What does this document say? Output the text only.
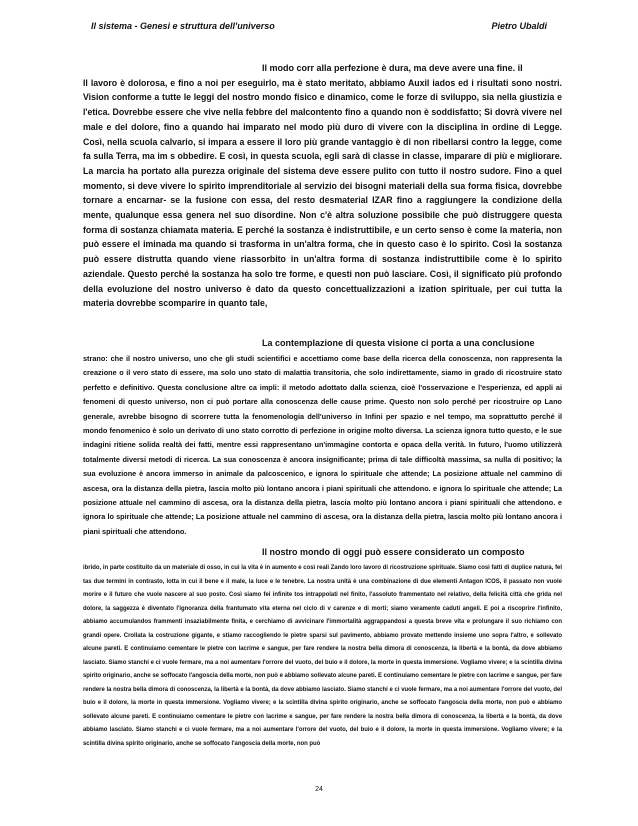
Il sistema - Genesi e struttura dell'universo	Pietro Ubaldi
Il modo corr alla perfezione è dura, ma deve avere una fine. il

Il lavoro è dolorosa, e fino a noi per eseguirlo, ma è stato meritato, abbiamo Auxil iados ed i risultati sono nostri. Vision conforme a tutte le leggi del nostro mondo fisico e dinamico, come le forze di sviluppo, sia nella giustizia e l'etica. Dovrebbe essere che vive nella febbre del malcontento fino a quando non è soddisfatto; Si dovrà vivere nel male e del dolore, fino a quando hai imparato nel modo più duro di vivere con la disciplina in ordine di Legge. Così, nella scuola calvario, si impara a essere il loro più grande vantaggio è di non ribellarsi contro la legge, come fa sulla Terra, ma im s obbedire. E così, in questa scuola, egli sarà di classe in classe, imparare di più e migliorare. La marcia ha portato alla purezza originale del sistema deve essere pulito con tutto il nostro sudore. Fino a quel momento, si deve vivere lo spirito imprenditoriale al servizio dei bisogni materiali della sua forma fisica, dovrebbe tornare a encarnar- se la fusione con essa, del resto desmaterial IZAR fino a raggiungere la condizione della mente, qualunque essa genera nel suo disordine. Non c'è altra soluzione possibile che può distruggere questa forma di sostanza chiamata materia. E perché la sostanza è indistruttibile, e un certo senso è come la materia, non può essere el iminada ma quando si trasforma in un'altra forma, che in questo caso è lo spirito. Così la sostanza può essere distrutta quando viene riassorbito in un'altra forma di sostanza indistruttibile come è lo spirito aziendale. Questo perché la sostanza ha solo tre forme, e questi non può lasciare. Così, il significato più profondo della evoluzione del nostro universo è dato da questo concettualizzazioni a ization spirituale, per cui tutta la materia dovrebbe scomparire in quanto tale,

La contemplazione di questa visione ci porta a una conclusione

strano: che il nostro universo, uno che gli studi scientifici e accettiamo come base della ricerca della conoscenza, non rappresenta la creazione o il vero stato di essere, ma solo uno stato di malattia transitoria, che solo indirettamente, siamo in grado di ricostruire stato perfetto e definitivo. Questa conclusione altre ca impli: il metodo adottato dalla scienza, cioè l'osservazione e l'esperienza, ed appli ai fenomeni di questo universo, non ci può portare alla conoscenza delle cause prime. Questo non solo perché per ricostruire op Lano generale, avrebbe bisogno di scorrere tutta la fenomenologia dell'universo in Infini per spazio e nel tempo, ma soprattutto perché il mondo fenomenico è solo un derivato di uno stato corrotto di perfezione in origine molto diversa. La scienza ignora tutto questo, e le sue indagini ritiene solida realtà dei fatti, mentre essi rappresentano un'immagine contorta e opaca della verità. In futuro, l'uomo utilizzerà totalmente diversi metodi di ricerca. La sua conoscenza è ancora insignificante; prima di tale difficoltà massima, sa nulla di positivo; la sua evoluzione è ancora immerso in animale da palcoscenico, e ignora lo spirituale che attende; La posizione attuale nel cammino di ascesa, ora la distanza della pietra, lascia molto più lontano ancora i piani spirituali che attendono. e ignora lo spirituale che attende; La posizione attuale nel cammino di ascesa, ora la distanza della pietra, lascia molto più lontano ancora i piani spirituali che attendono. e ignora lo spirituale che attende; La posizione attuale nel cammino di ascesa, ora la distanza della pietra, lascia molto più lontano ancora i piani spirituali che attendono.

Il nostro mondo di oggi può essere considerato un composto

ibrido, in parte costituito da un materiale di osso, in cui la vita è in aumento e così reali Zando loro lavoro di ricostruzione spirituale. Siamo così fatti di duplice natura, fel tas due termini in contrasto, lotta in cui il bene e il male, la luce e le tenebre. La nostra unità è una combinazione di due elementi Antagon ICOS, il passato non vuole morire e il futuro che vuole nascere al suo posto. Così siamo fei infinite tos intrappolati nel finito, l'assoluto frammentato nel relativo, della felicità città che grida nel dolore, la saggezza è diventato l'ignoranza della frantumato vita eterna nel ciclo di v carenze e di morti; siamo veramente caduti angeli. E poi a riscoprire l'infinito, abbiamo accumulandos frammenti insaziabilmente finita, e cerchiamo di avvicinare l'immortalità aggrappandosi a questa breve vita e prolungare il suo richiamo con grandi opere. Crollata la costruzione gigante, e stiamo raccogliendo le pietre sparsi sul pavimento, abbiamo provato mettendo insieme uno sopra l'altro, e sollevato alcune pareti. E continuiamo cementare le pietre con lacrime e sangue, per fare rendere la nostra bella dimora di conoscenza, la libertà e la bontà, da dove abbiamo lasciato. Siamo stanchi e ci vuole fermare, ma a noi aumentare l'orrore del vuoto, del buio e il dolore, la morte in questa immersione. Vogliamo vivere; e la scintilla divina spirito originario, anche se soffocato l'angoscia della morte, non può e abbiamo sollevato alcune pareti. E continuiamo cementare le pietre con lacrime e sangue, per fare rendere la nostra bella dimora di conoscenza, la libertà e la bontà, da dove abbiamo lasciato. Siamo stanchi e ci vuole fermare, ma a noi aumentare l'orrore del vuoto, del buio e il dolore, la morte in questa immersione. Vogliamo vivere; e la scintilla divina spirito originario, anche se soffocato l'angoscia della morte, non può e abbiamo sollevato alcune pareti. E continuiamo cementare le pietre con lacrime e sangue, per fare rendere la nostra bella dimora di conoscenza, la libertà e la bontà, da dove abbiamo lasciato. Siamo stanchi e ci vuole fermare, ma a noi aumentare l'orrore del vuoto, del buio e il dolore, la morte in questa immersione. Vogliamo vivere; e la scintilla divina spirito originario, anche se soffocato l'angoscia della morte, non può

24
